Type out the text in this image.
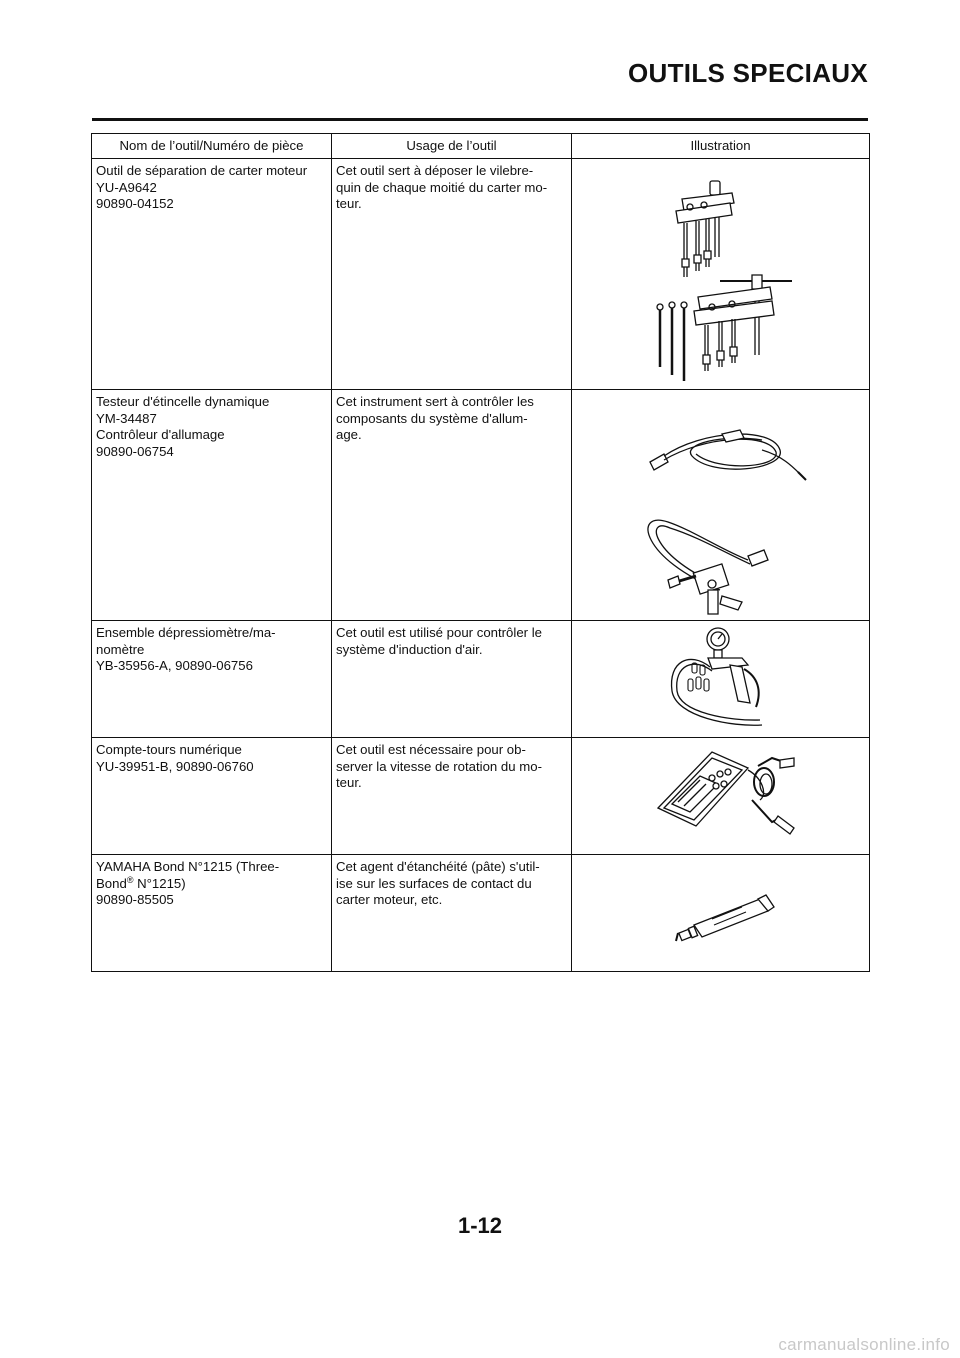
OUTILS SPECIAUX
Nom de l’outil/Numéro de pièce	Usage de l’outil	Illustration

Outil de séparation de carter moteur
YU-A9642
90890-04152	Cet outil sert à déposer le vilebre-
quin de chaque moitié du carter mo-
teur.

Testeur d'étincelle dynamique
YM-34487
Contrôleur d'allumage
90890-06754	Cet instrument sert à contrôler les
composants du système d'allum-
age.

Ensemble dépressiomètre/ma-
nomètre
YB-35956-A, 90890-06756	Cet outil est utilisé pour contrôler le
système d'induction d'air.

Compte-tours numérique
YU-39951-B, 90890-06760	Cet outil est nécessaire pour ob-
server la vitesse de rotation du mo-
teur.

YAMAHA Bond N°1215 (Three-
Bond® N°1215)
90890-85505	Cet agent d'étanchéité (pâte) s'util-
ise sur les surfaces de contact du
carter moteur, etc.

1-12
carmanualsonline.info
